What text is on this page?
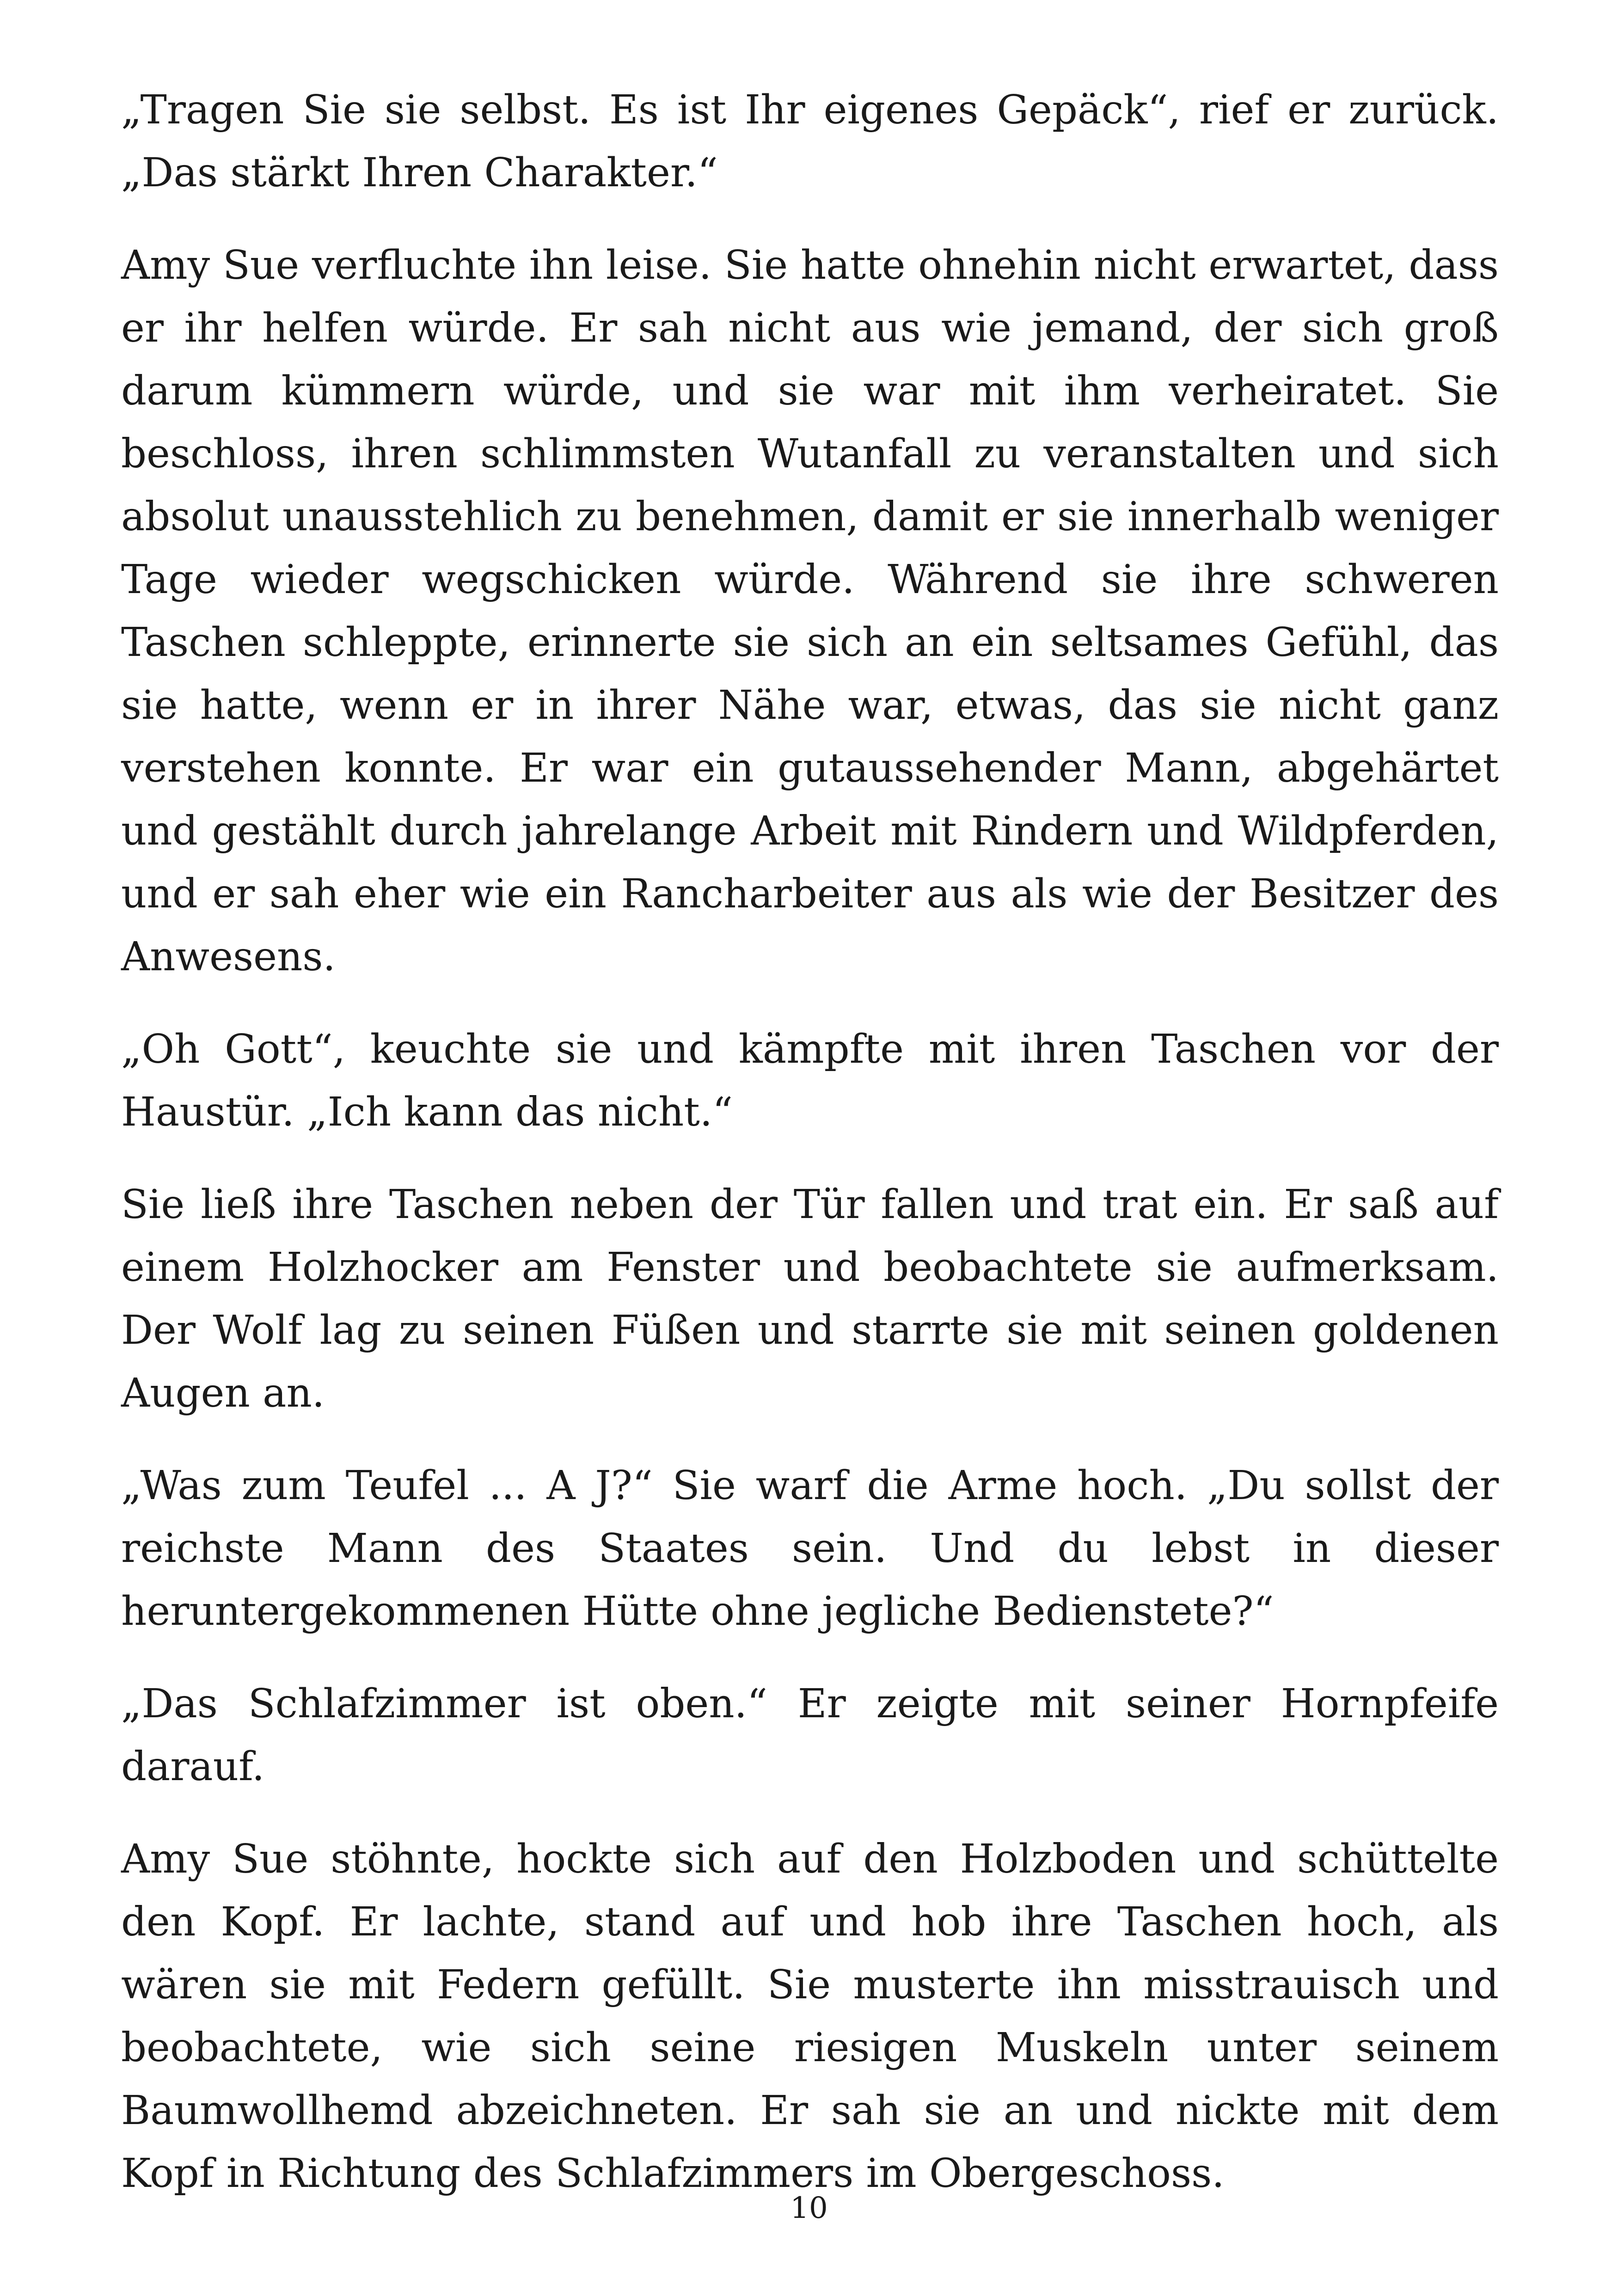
„Tragen Sie sie selbst. Es ist Ihr eigenes Gepäck“, rief er zurück. „Das stärkt Ihren Charakter.“

Amy Sue verfluchte ihn leise. Sie hatte ohnehin nicht erwartet, dass er ihr helfen würde. Er sah nicht aus wie jemand, der sich groß darum kümmern würde, und sie war mit ihm verheiratet. Sie beschloss, ihren schlimmsten Wutanfall zu veranstalten und sich absolut unausstehlich zu benehmen, damit er sie innerhalb weniger Tage wieder wegschicken würde. Während sie ihre schweren Taschen schleppte, erinnerte sie sich an ein seltsames Gefühl, das sie hatte, wenn er in ihrer Nähe war, etwas, das sie nicht ganz verstehen konnte. Er war ein gutaussehender Mann, abgehärtet und gestählt durch jahrelange Arbeit mit Rindern und Wildpferden, und er sah eher wie ein Rancharbeiter aus als wie der Besitzer des Anwesens.

„Oh Gott“, keuchte sie und kämpfte mit ihren Taschen vor der Haustür. „Ich kann das nicht.“

Sie ließ ihre Taschen neben der Tür fallen und trat ein. Er saß auf einem Holzhocker am Fenster und beobachtete sie aufmerksam. Der Wolf lag zu seinen Füßen und starrte sie mit seinen goldenen Augen an.

„Was zum Teufel ... A J?“ Sie warf die Arme hoch. „Du sollst der reichste Mann des Staates sein. Und du lebst in dieser heruntergekommenen Hütte ohne jegliche Bedienstete?“

„Das Schlafzimmer ist oben.“ Er zeigte mit seiner Hornpfeife darauf.

Amy Sue stöhnte, hockte sich auf den Holzboden und schüttelte den Kopf. Er lachte, stand auf und hob ihre Taschen hoch, als wären sie mit Federn gefüllt. Sie musterte ihn misstrauisch und beobachtete, wie sich seine riesigen Muskeln unter seinem Baumwollhemd abzeichneten. Er sah sie an und nickte mit dem Kopf in Richtung des Schlafzimmers im Obergeschoss.

10
